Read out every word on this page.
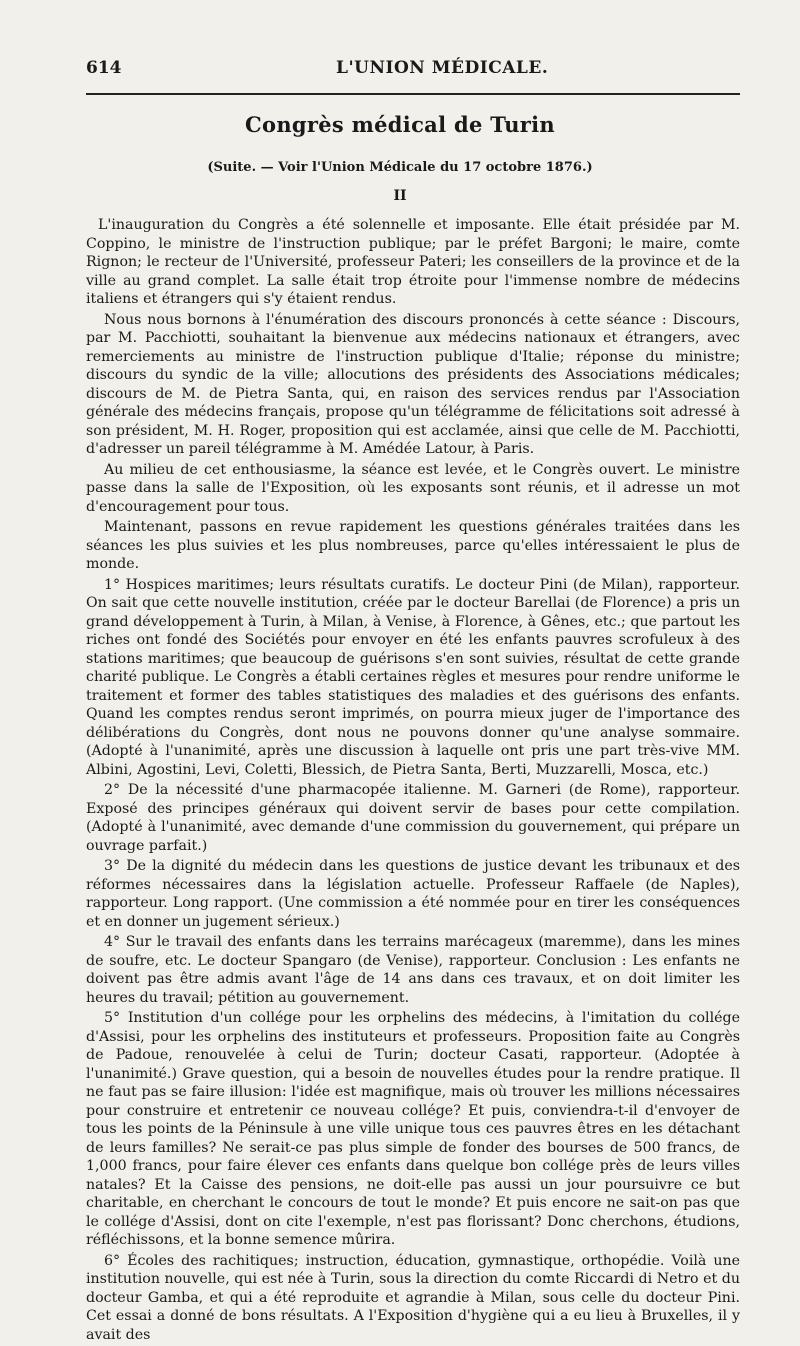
614	L'UNION MÉDICALE.
Congrès médical de Turin
(Suite. — Voir l'Union Médicale du 17 octobre 1876.)
II

L'inauguration du Congrès a été solennelle et imposante. Elle était présidée par M. Coppino, le ministre de l'instruction publique; par le préfet Bargoni; le maire, comte Rignon; le recteur de l'Université, professeur Pateri; les conseillers de la province et de la ville au grand complet. La salle était trop étroite pour l'immense nombre de médecins italiens et étrangers qui s'y étaient rendus.

Nous nous bornons à l'énumération des discours prononcés à cette séance : Discours, par M. Pacchiotti, souhaitant la bienvenue aux médecins nationaux et étrangers, avec remerciements au ministre de l'instruction publique d'Italie; réponse du ministre; discours du syndic de la ville; allocutions des présidents des Associations médicales; discours de M. de Pietra Santa, qui, en raison des services rendus par l'Association générale des médecins français, propose qu'un télégramme de félicitations soit adressé à son président, M. H. Roger, proposition qui est acclamée, ainsi que celle de M. Pacchiotti, d'adresser un pareil télégramme à M. Amédée Latour, à Paris.

Au milieu de cet enthousiasme, la séance est levée, et le Congrès ouvert. Le ministre passe dans la salle de l'Exposition, où les exposants sont réunis, et il adresse un mot d'encouragement pour tous.

Maintenant, passons en revue rapidement les questions générales traitées dans les séances les plus suivies et les plus nombreuses, parce qu'elles intéressaient le plus de monde.

1° Hospices maritimes; leurs résultats curatifs. Le docteur Pini (de Milan), rapporteur. On sait que cette nouvelle institution, créée par le docteur Barellai (de Florence) a pris un grand développement à Turin, à Milan, à Venise, à Florence, à Gênes, etc.; que partout les riches ont fondé des Sociétés pour envoyer en été les enfants pauvres scrofuleux à des stations maritimes; que beaucoup de guérisons s'en sont suivies, résultat de cette grande charité publique. Le Congrès a établi certaines règles et mesures pour rendre uniforme le traitement et former des tables statistiques des maladies et des guérisons des enfants. Quand les comptes rendus seront imprimés, on pourra mieux juger de l'importance des délibérations du Congrès, dont nous ne pouvons donner qu'une analyse sommaire. (Adopté à l'unanimité, après une discussion à laquelle ont pris une part très-vive MM. Albini, Agostini, Levi, Coletti, Blessich, de Pietra Santa, Berti, Muzzarelli, Mosca, etc.)

2° De la nécessité d'une pharmacopée italienne. M. Garneri (de Rome), rapporteur. Exposé des principes généraux qui doivent servir de bases pour cette compilation. (Adopté à l'unanimité, avec demande d'une commission du gouvernement, qui prépare un ouvrage parfait.)

3° De la dignité du médecin dans les questions de justice devant les tribunaux et des réformes nécessaires dans la législation actuelle. Professeur Raffaele (de Naples), rapporteur. Long rapport. (Une commission a été nommée pour en tirer les conséquences et en donner un jugement sérieux.)

4° Sur le travail des enfants dans les terrains marécageux (maremme), dans les mines de soufre, etc. Le docteur Spangaro (de Venise), rapporteur. Conclusion : Les enfants ne doivent pas être admis avant l'âge de 14 ans dans ces travaux, et on doit limiter les heures du travail; pétition au gouvernement.

5° Institution d'un collége pour les orphelins des médecins, à l'imitation du collége d'Assisi, pour les orphelins des instituteurs et professeurs. Proposition faite au Congrès de Padoue, renouvelée à celui de Turin; docteur Casati, rapporteur. (Adoptée à l'unanimité.) Grave question, qui a besoin de nouvelles études pour la rendre pratique. Il ne faut pas se faire illusion: l'idée est magnifique, mais où trouver les millions nécessaires pour construire et entretenir ce nouveau collége? Et puis, conviendra-t-il d'envoyer de tous les points de la Péninsule à une ville unique tous ces pauvres êtres en les détachant de leurs familles? Ne serait-ce pas plus simple de fonder des bourses de 500 francs, de 1,000 francs, pour faire élever ces enfants dans quelque bon collége près de leurs villes natales? Et la Caisse des pensions, ne doit-elle pas aussi un jour poursuivre ce but charitable, en cherchant le concours de tout le monde? Et puis encore ne sait-on pas que le collége d'Assisi, dont on cite l'exemple, n'est pas florissant? Donc cherchons, étudions, réfléchissons, et la bonne semence mûrira.

6° Écoles des rachitiques; instruction, éducation, gymnastique, orthopédie. Voilà une institution nouvelle, qui est née à Turin, sous la direction du comte Riccardi di Netro et du docteur Gamba, et qui a été reproduite et agrandie à Milan, sous celle du docteur Pini. Cet essai a donné de bons résultats. A l'Exposition d'hygiène qui a eu lieu à Bruxelles, il y avait des
